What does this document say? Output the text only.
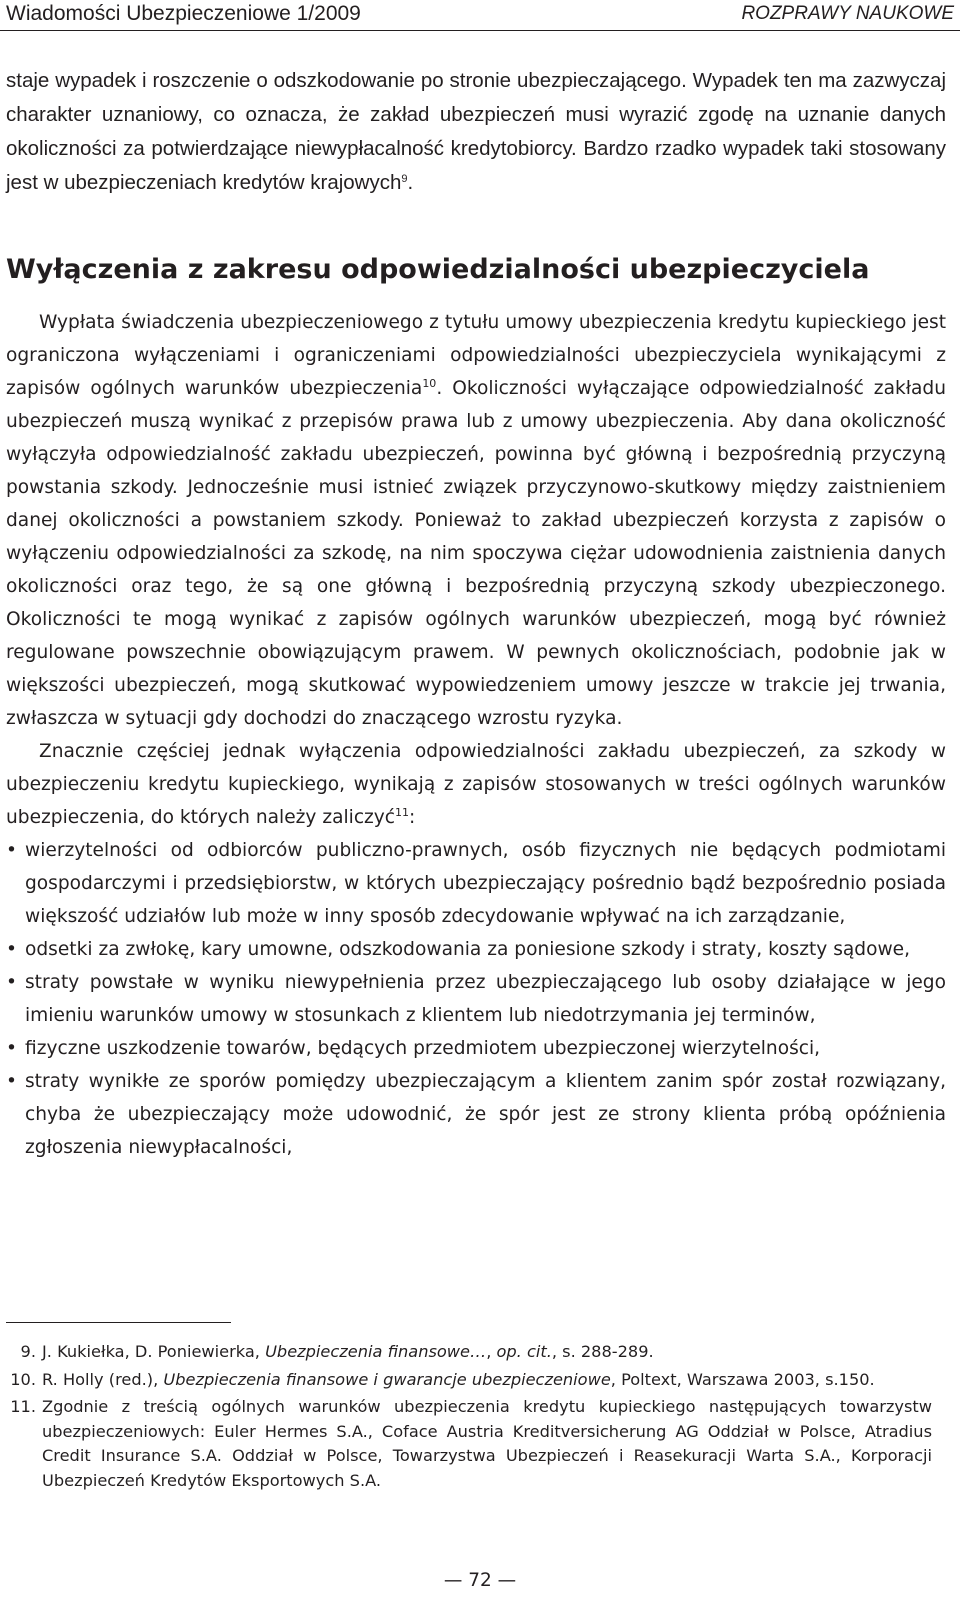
Wiadomości Ubezpieczeniowe 1/2009	ROZPRAWY NAUKOWE

staje wypadek i roszczenie o odszkodowanie po stronie ubezpieczającego. Wypadek ten ma zazwyczaj charakter uznaniowy, co oznacza, że zakład ubezpieczeń musi wyrazić zgodę na uznanie danych okoliczności za potwierdzające niewypłacalność kredytobiorcy. Bardzo rzadko wypadek taki stosowany jest w ubezpieczeniach kredytów krajowych$^9$.

Wyłączenia z zakresu odpowiedzialności ubezpieczyciela

Wypłata świadczenia ubezpieczeniowego z tytułu umowy ubezpieczenia kredytu kupieckiego jest ograniczona wyłączeniami i ograniczeniami odpowiedzialności ubezpieczyciela wynikającymi z zapisów ogólnych warunków ubezpieczenia$^{10}$. Okoliczności wyłączające odpowiedzialność zakładu ubezpieczeń muszą wynikać z przepisów prawa lub z umowy ubezpieczenia. Aby dana okoliczność wyłączyła odpowiedzialność zakładu ubezpieczeń, powinna być główną i bezpośrednią przyczyną powstania szkody. Jednocześnie musi istnieć związek przyczynowo-skutkowy między zaistnieniem danej okoliczności a powstaniem szkody. Ponieważ to zakład ubezpieczeń korzysta z zapisów o wyłączeniu odpowiedzialności za szkodę, na nim spoczywa ciężar udowodnienia zaistnienia danych okoliczności oraz tego, że są one główną i bezpośrednią przyczyną szkody ubezpieczonego. Okoliczności te mogą wynikać z zapisów ogólnych warunków ubezpieczeń, mogą być również regulowane powszechnie obowiązującym prawem. W pewnych okolicznościach, podobnie jak w większości ubezpieczeń, mogą skutkować wypowiedzeniem umowy jeszcze w trakcie jej trwania, zwłaszcza w sytuacji gdy dochodzi do znaczącego wzrostu ryzyka.

Znacznie częściej jednak wyłączenia odpowiedzialności zakładu ubezpieczeń, za szkody w ubezpieczeniu kredytu kupieckiego, wynikają z zapisów stosowanych w treści ogólnych warunków ubezpieczenia, do których należy zaliczyć$^{11}$:

• wierzytelności od odbiorców publiczno-prawnych, osób fizycznych nie będących podmiotami gospodarczymi i przedsiębiorstw, w których ubezpieczający pośrednio bądź bezpośrednio posiada większość udziałów lub może w inny sposób zdecydowanie wpływać na ich zarządzanie,
• odsetki za zwłokę, kary umowne, odszkodowania za poniesione szkody i straty, koszty sądowe,
• straty powstałe w wyniku niewypełnienia przez ubezpieczającego lub osoby działające w jego imieniu warunków umowy w stosunkach z klientem lub niedotrzymania jej terminów,
• fizyczne uszkodzenie towarów, będących przedmiotem ubezpieczonej wierzytelności,
• straty wynikłe ze sporów pomiędzy ubezpieczającym a klientem zanim spór został rozwiązany, chyba że ubezpieczający może udowodnić, że spór jest ze strony klienta próbą opóźnienia zgłoszenia niewypłacalności,
9. J. Kukiełka, D. Poniewierka, Ubezpieczenia finansowe…, op. cit., s. 288-289.
10. R. Holly (red.), Ubezpieczenia finansowe i gwarancje ubezpieczeniowe, Poltext, Warszawa 2003, s.150.
11. Zgodnie z treścią ogólnych warunków ubezpieczenia kredytu kupieckiego następujących towarzystw ubezpieczeniowych: Euler Hermes S.A., Coface Austria Kreditversicherung AG Oddział w Polsce, Atradius Credit Insurance S.A. Oddział w Polsce, Towarzystwa Ubezpieczeń i Reasekuracji Warta S.A., Korporacji Ubezpieczeń Kredytów Eksportowych S.A.
— 72 —
